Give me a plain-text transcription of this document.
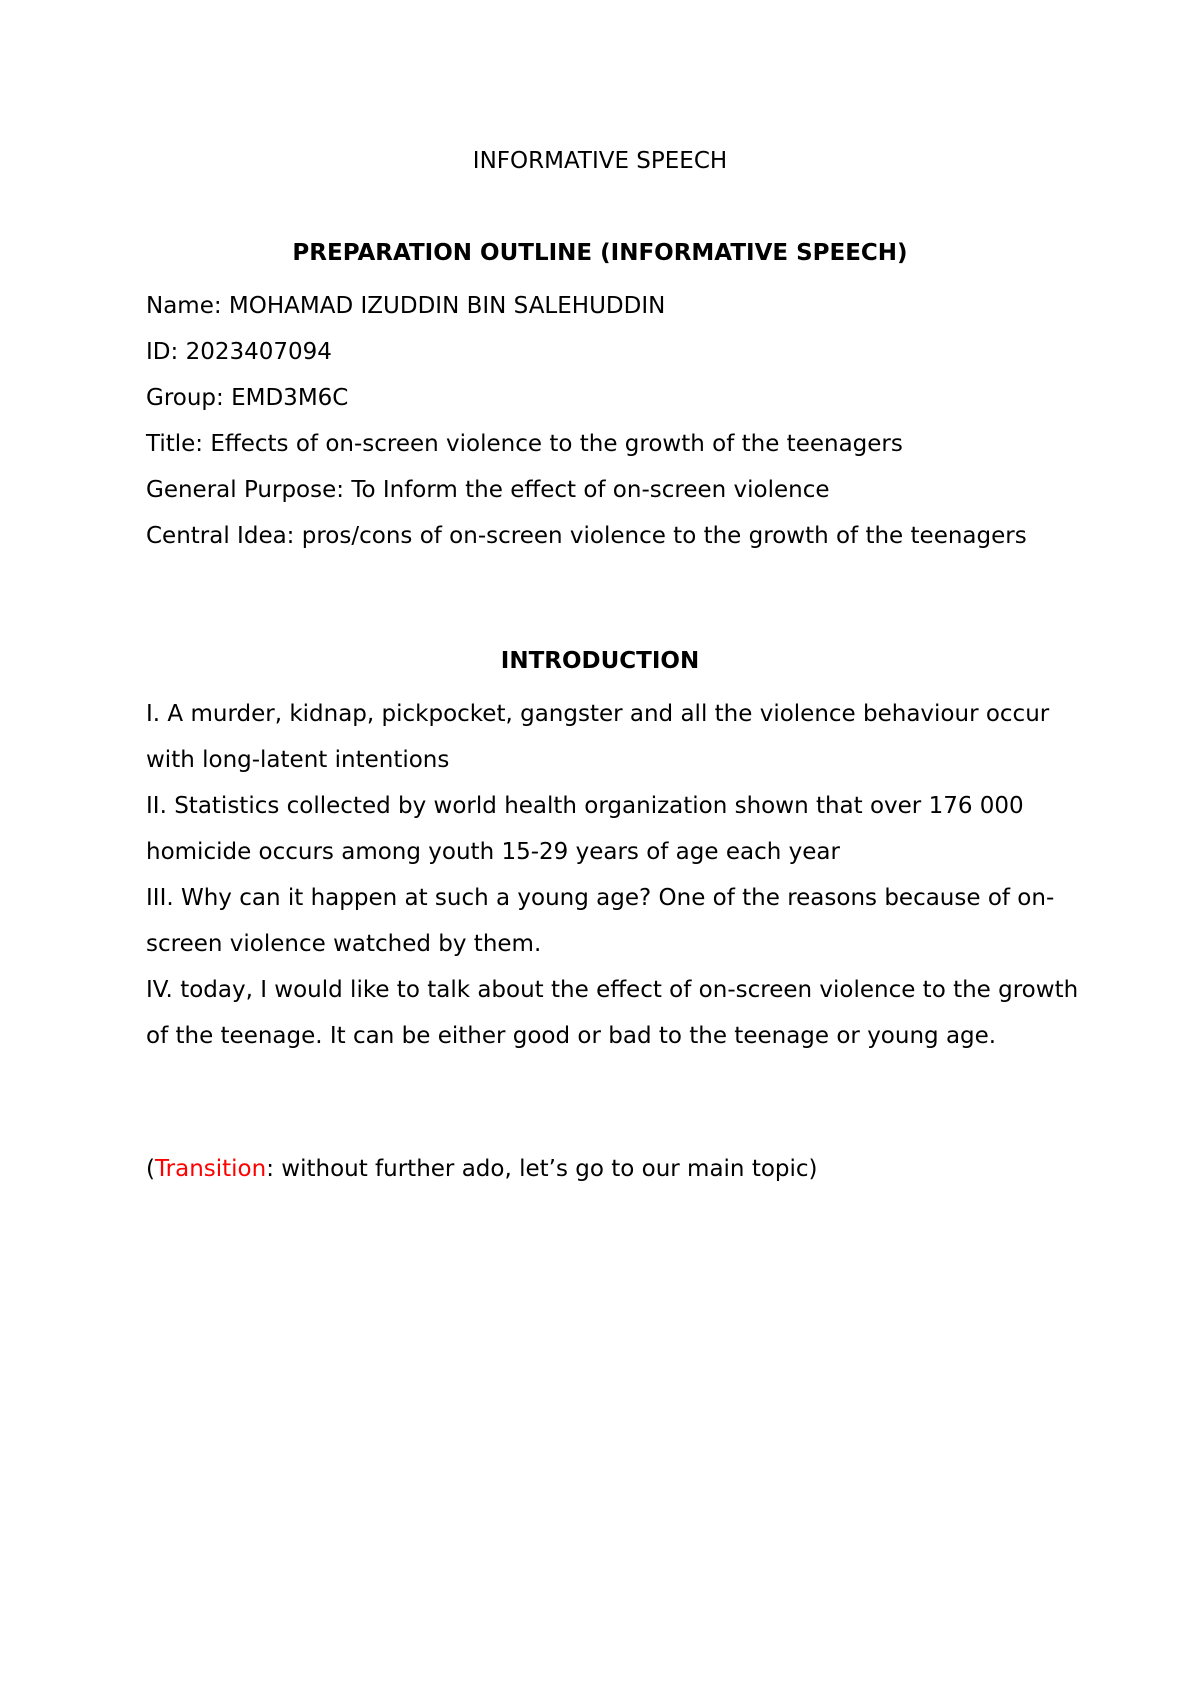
INFORMATIVE SPEECH
PREPARATION OUTLINE (INFORMATIVE SPEECH)
Name: MOHAMAD IZUDDIN BIN SALEHUDDIN
ID: 2023407094
Group: EMD3M6C
Title: Effects of on-screen violence to the growth of the teenagers
General Purpose: To Inform the effect of on-screen violence
Central Idea: pros/cons of on-screen violence to the growth of the teenagers
INTRODUCTION
I. A murder, kidnap, pickpocket, gangster and all the violence behaviour occur with long-latent intentions
II. Statistics collected by world health organization shown that over 176 000 homicide occurs among youth 15-29 years of age each year
III. Why can it happen at such a young age? One of the reasons because of on-screen violence watched by them.
IV. today, I would like to talk about the effect of on-screen violence to the growth of the teenage. It can be either good or bad to the teenage or young age.

(Transition: without further ado, let’s go to our main topic)
